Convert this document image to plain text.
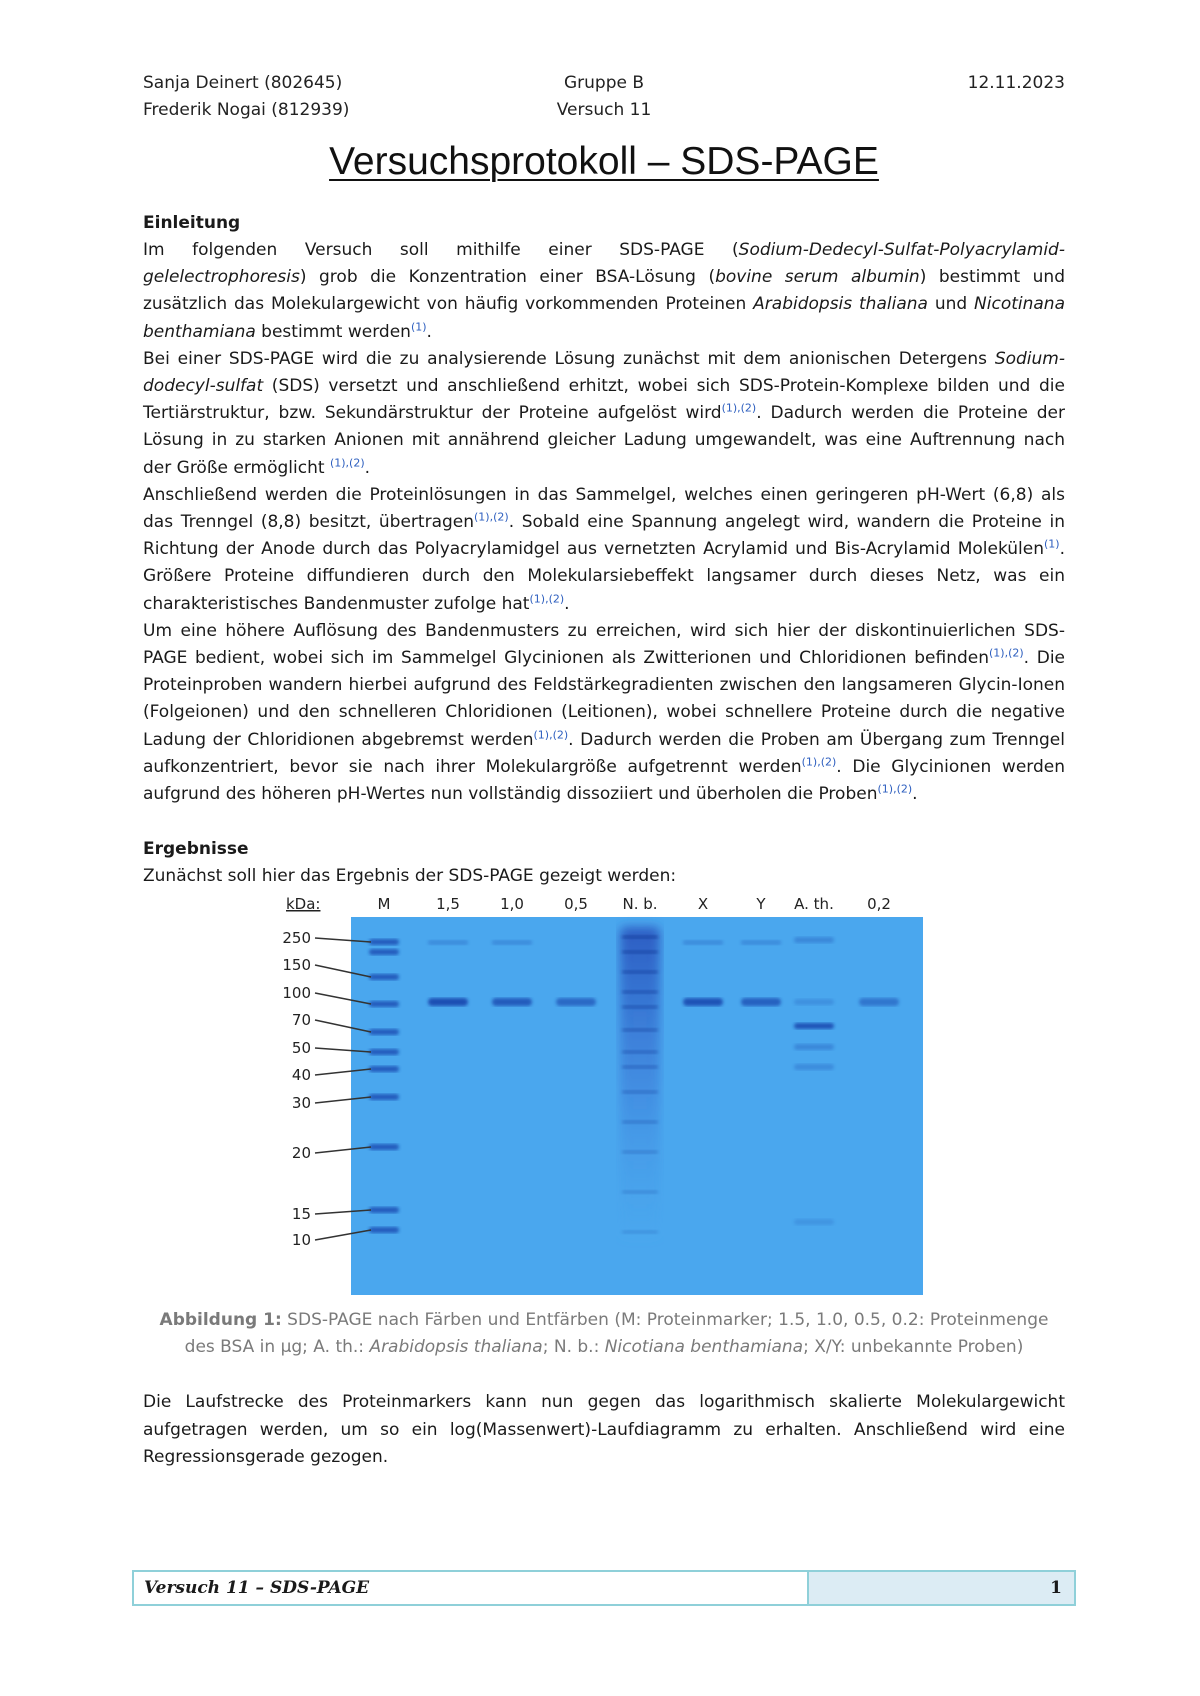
Sanja Deinert (802645)	Gruppe B	12.11.2023
Frederik Nogai (812939)	Versuch 11
Versuchsprotokoll – SDS-PAGE
Einleitung

Im folgenden Versuch soll mithilfe einer SDS-PAGE (Sodium-Dedecyl-Sulfat-Polyacrylamid-gelelectrophoresis) grob die Konzentration einer BSA-Lösung (bovine serum albumin) bestimmt und zusätzlich das Molekulargewicht von häufig vorkommenden Proteinen Arabidopsis thaliana und Nicotinana benthamiana bestimmt werden$^{(1)}$.

Bei einer SDS-PAGE wird die zu analysierende Lösung zunächst mit dem anionischen Detergens Sodium-dodecyl-sulfat (SDS) versetzt und anschließend erhitzt, wobei sich SDS-Protein-Komplexe bilden und die Tertiärstruktur, bzw. Sekundärstruktur der Proteine aufgelöst wird$^{(1),(2)}$. Dadurch werden die Proteine der Lösung in zu starken Anionen mit annährend gleicher Ladung umgewandelt, was eine Auftrennung nach der Größe ermöglicht $^{(1),(2)}$.

Anschließend werden die Proteinlösungen in das Sammelgel, welches einen geringeren pH-Wert (6,8) als das Trenngel (8,8) besitzt, übertragen$^{(1),(2)}$. Sobald eine Spannung angelegt wird, wandern die Proteine in Richtung der Anode durch das Polyacrylamidgel aus vernetzten Acrylamid und Bis-Acrylamid Molekülen$^{(1)}$. Größere Proteine diffundieren durch den Molekularsiebeffekt langsamer durch dieses Netz, was ein charakteristisches Bandenmuster zufolge hat$^{(1),(2)}$.

Um eine höhere Auflösung des Bandenmusters zu erreichen, wird sich hier der diskontinuierlichen SDS-PAGE bedient, wobei sich im Sammelgel Glycinionen als Zwitterionen und Chloridionen befinden$^{(1),(2)}$. Die Proteinproben wandern hierbei aufgrund des Feldstärkegradienten zwischen den langsameren Glycin-Ionen (Folgeionen) und den schnelleren Chloridionen (Leitionen), wobei schnellere Proteine durch die negative Ladung der Chloridionen abgebremst werden$^{(1),(2)}$. Dadurch werden die Proben am Übergang zum Trenngel aufkonzentriert, bevor sie nach ihrer Molekulargröße aufgetrennt werden$^{(1),(2)}$. Die Glycinionen werden aufgrund des höheren pH-Wertes nun vollständig dissoziiert und überholen die Proben$^{(1),(2)}$.

Ergebnisse

Zunächst soll hier das Ergebnis der SDS-PAGE gezeigt werden:

kDa:	M	1,5	1,0	0,5 N. b.	X	Y A. th. 0,2
250
150
100
70
50
40
30
20
15
10
Abbildung 1: SDS-PAGE nach Färben und Entfärben (M: Proteinmarker; 1.5, 1.0, 0.5, 0.2: Proteinmenge des BSA in µg; A. th.: Arabidopsis thaliana; N. b.: Nicotiana benthamiana; X/Y: unbekannte Proben)

Die Laufstrecke des Proteinmarkers kann nun gegen das logarithmisch skalierte Molekulargewicht aufgetragen werden, um so ein log(Massenwert)-Laufdiagramm zu erhalten. Anschließend wird eine Regressionsgerade gezogen.

Versuch 11 – SDS-PAGE	1
